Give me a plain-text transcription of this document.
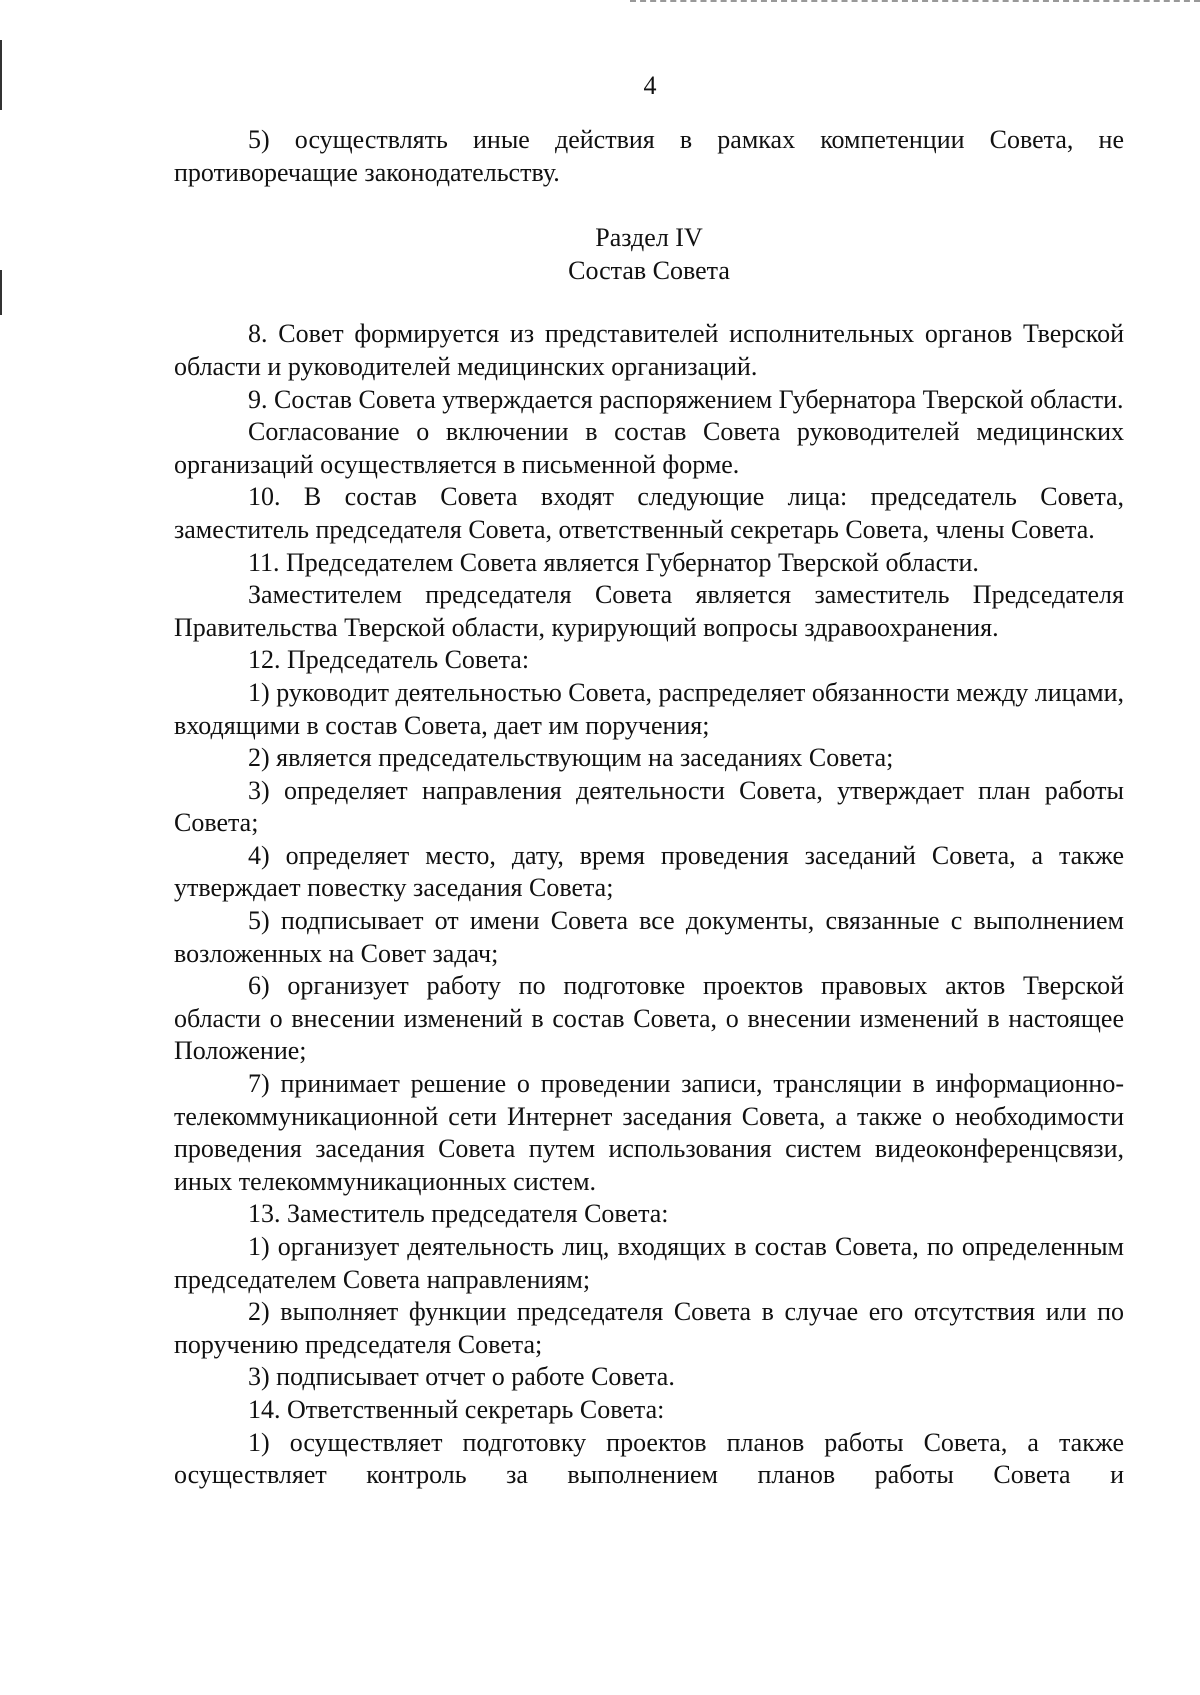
4

5) осуществлять иные действия в рамках компетенции Совета, не противоречащие законодательству.

Раздел IV

Состав Совета

8. Совет формируется из представителей исполнительных органов Тверской области и руководителей медицинских организаций.

9. Состав Совета утверждается распоряжением Губернатора Тверской области.

Согласование о включении в состав Совета руководителей медицинских организаций осуществляется в письменной форме.

10. В состав Совета входят следующие лица: председатель Совета, заместитель председателя Совета, ответственный секретарь Совета, члены Совета.

11. Председателем Совета является Губернатор Тверской области.

Заместителем председателя Совета является заместитель Председателя Правительства Тверской области, курирующий вопросы здравоохранения.

12. Председатель Совета:

1) руководит деятельностью Совета, распределяет обязанности между лицами, входящими в состав Совета, дает им поручения;

2) является председательствующим на заседаниях Совета;

3) определяет направления деятельности Совета, утверждает план работы Совета;

4) определяет место, дату, время проведения заседаний Совета, а также утверждает повестку заседания Совета;

5) подписывает от имени Совета все документы, связанные с выполнением возложенных на Совет задач;

6) организует работу по подготовке проектов правовых актов Тверской области о внесении изменений в состав Совета, о внесении изменений в настоящее Положение;

7) принимает решение о проведении записи, трансляции в информационно-телекоммуникационной сети Интернет заседания Совета, а также о необходимости проведения заседания Совета путем использования систем видеоконференцсвязи, иных телекоммуникационных систем.

13. Заместитель председателя Совета:

1) организует деятельность лиц, входящих в состав Совета, по определенным председателем Совета направлениям;

2) выполняет функции председателя Совета в случае его отсутствия или по поручению председателя Совета;

3) подписывает отчет о работе Совета.

14. Ответственный секретарь Совета:

1) осуществляет подготовку проектов планов работы Совета, а также осуществляет контроль за выполнением планов работы Совета и
